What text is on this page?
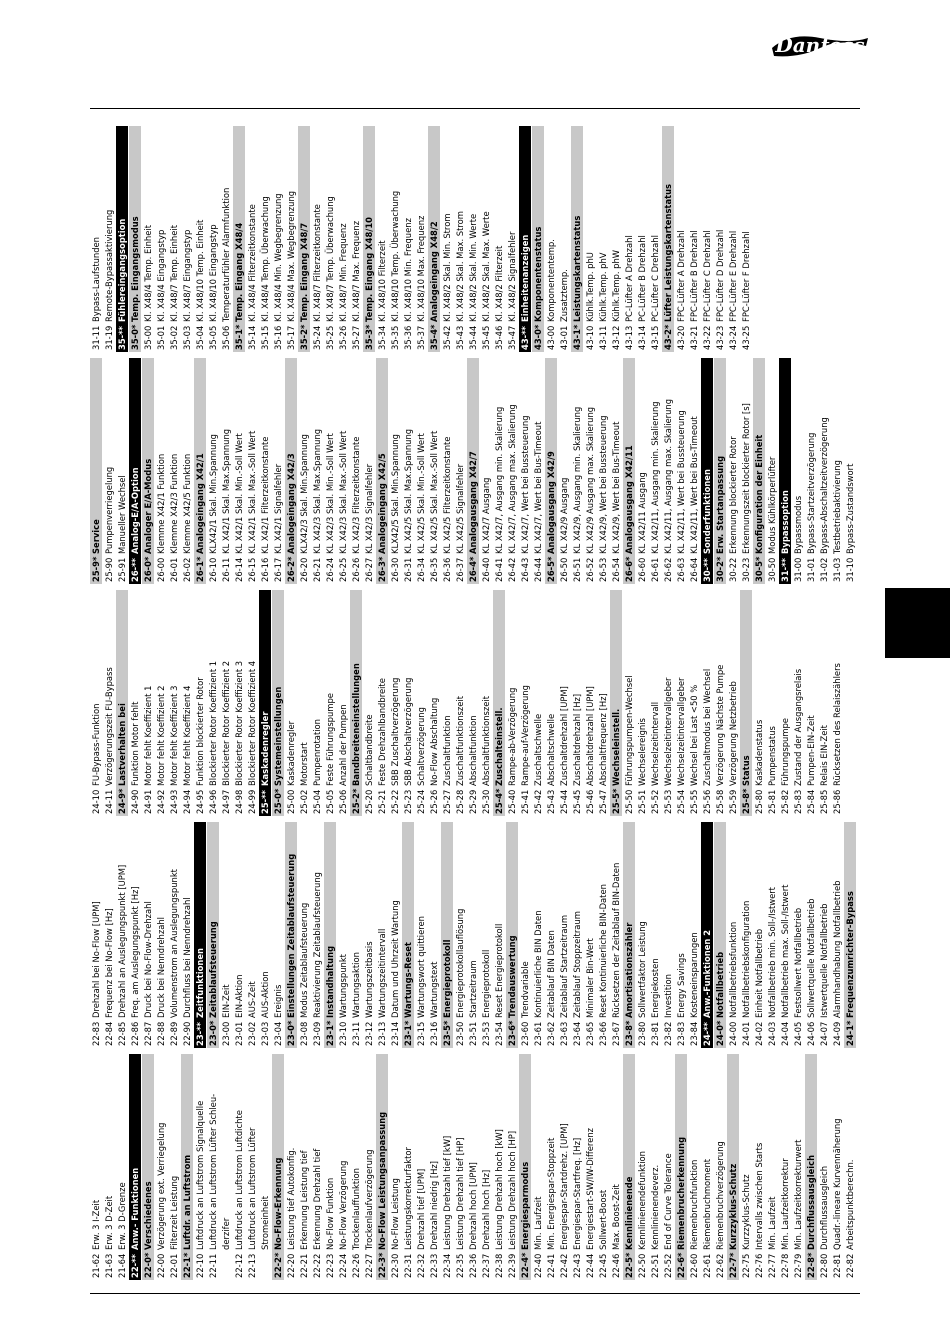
Danfoss
21-62
Erw. 3 I-Zeit
21-63
Erw. 3 D-Zeit
21-64
Erw. 3 D-Grenze
22-**
Anw.- Funktionen
22-0*
Verschiedenes
22-00
Verzögerung ext. Verriegelung
22-01
Filterzeit Leistung
22-1*
Luftdr. an Luftstrom
22-10
Luftdruck an Luftstrom Signalquelle
22-11
Luftdruck an Luftstrom Lüfter Schleu- derzifer
22-12
Luftdruck an Luftstrom Luftdichte
22-13
Luftdruck an Luftstrom Lüfter Stromeinheit
22-2*
No-Flow-Erkennung
22-20
Leistung tief Autokonfig.
22-21
Erkennung Leistung tief
22-22
Erkennung Drehzahl tief
22-23
No-Flow Funktion
22-24
No-Flow Verzögerung
22-26
Trockenlauffunktion
22-27
Trockenlaufverzögerung
22-3*
No-Flow Leistungsanpassung
22-30
No-Flow Leistung
22-31
Leistungskorrekturfaktor
22-32
Drehzahl tief [UPM]
22-33
Drehzahl niedrig [Hz]
22-34
Leistung Drehzahl tief [kW]
22-35
Leistung Drehzahl tief [HP]
22-36
Drehzahl hoch [UPM]
22-37
Drehzahl hoch [Hz]
22-38
Leistung Drehzahl hoch [kW]
22-39
Leistung Drehzahl hoch [HP]
22-4*
Energiesparmodus
22-40
Min. Laufzeit
22-41
Min. Energiespar-Stoppzeit
22-42
Energiespar-Startdrehz. [UPM]
22-43
Energiespar-Startfreq. [Hz]
22-44
Energiestart-SW/IW-Differenz
22-45
Sollwert-Boost
22-46
Max. Boost-Zeit
22-5*
Kennlinienende
22-50
Kennlinienendefunktion
22-51
Kennlinienendeverz.
22-52
End of Curve Tolerance
22-6*
Riemenbrucherkennung
22-60
Riemenbruchfunktion
22-61
Riemenbruchmoment
22-62
Riemenbruchverzögerung
22-7*
Kurzzyklus-Schutz
22-75
Kurzzyklus-Schutz
22-76
Intervalls zwischen Starts
22-77
Min. Laufzeit
22-78
Min. Laufzeitkorrektur
22-79
Min. Laufzeitkorrekturwert
22-8*
Durchflussausgleich
22-80
Durchflussausgleich
22-81
Quadr.-lineare Kurvennäherung
22-82
Arbeitspunktberechn.
22-83
Drehzahl bei No-Flow [UPM]
22-84
Frequenz bei No-Flow [Hz]
22-85
Drehzahl an Auslegungspunkt [UPM]
22-86
Freq. am Auslegungspunkt [Hz]
22-87
Druck bei No-Flow-Drehzahl
22-88
Druck bei Nenndrehzahl
22-89
Volumenstrom an Auslegungspunkt
22-90
Durchfluss bei Nenndrehzahl
23-**
Zeitfunktionen
23-0*
Zeitablaufsteuerung
23-00
EIN-Zeit
23-01
EIN-Aktion
23-02
AUS-Zeit
23-03
AUS-Aktion
23-04
Ereignis
23-0*
Einstellungen Zeitablaufsteuerung
23-08
Modus Zeitablaufsteuerung
23-09
Reaktivierung Zeitablaufsteuerung
23-1*
Instandhaltung
23-10
Wartungspunkt
23-11
Wartungsaktion
23-12
Wartungszeitbasis
23-13
Wartungszeitintervall
23-14
Datum und Uhrzeit Wartung
23-1*
Wartungs-Reset
23-15
Wartungswort quittieren
23-16
Wartungstext
23-5*
Energieprotokoll
23-50
Energieprotokollauflösung
23-51
Startzeitraum
23-53
Energieprotokoll
23-54
Reset Energieprotokoll
23-6*
Trendauswertung
23-60
Trendvariable
23-61
Kontinuierliche BIN Daten
23-62
Zeitablauf BIN Daten
23-63
Zeitablauf Startzeitraum
23-64
Zeitablauf Stoppzeitraum
23-65
Minimaler Bin-Wert
23-66
Reset Kontinuierliche BIN-Daten
23-67
Rücksetzen der Zeitablauf BIN-Daten
23-8*
Amortisationszähler
23-80
Sollwertfaktor Leistung
23-81
Energiekosten
23-82
Investition
23-83
Energy Savings
23-84
Kosteneinsparungen
24-**
Anw.-Funktionen 2
24-0*
Notfallbetrieb
24-00
Notfallbetriebsfunktion
24-01
Notfallbetriebskonfiguration
24-02
Einheit Notfallbetrieb
24-03
Notfallbetrieb min. Soll-/Istwert
24-04
Notfallbetrieb max. Soll-/Istwert
24-05
Festsollwert Notfallbetrieb
24-06
Sollwertquelle Notfallbetrieb
24-07
Istwertquelle Notfallbetrieb
24-09
Alarmhandhabung Notfallbetrieb
24-1*
Frequenzumrichter-Bypass
24-10
FU-Bypass-Funktion
24-11
Verzögerungszeit FU-Bypass
24-9*
Lastverhalten bei
24-90
Funktion Motor fehlt
24-91
Motor fehlt Koeffizient 1
24-92
Motor fehlt Koeffizient 2
24-93
Motor fehlt Koeffizient 3
24-94
Motor fehlt Koeffizient 4
24-95
Funktion blockierter Rotor
24-96
Blockierter Rotor Koeffizient 1
24-97
Blockierter Rotor Koeffizient 2
24-98
Blockierter Rotor Koeffizient 3
24-99
Blockierter Rotor Koeffizient 4
25-**
Kaskadenregler
25-0*
Systemeinstellungen
25-00
Kaskadenregler
25-02
Motorstart
25-04
Pumpenrotation
25-05
Feste Führungspumpe
25-06
Anzahl der Pumpen
25-2*
Bandbreiteneinstellungen
25-20
Schaltbandbreite
25-21
Feste Drehzahlbandbreite
25-22
SBB Zuschaltverzögerung
25-23
SBB Abschaltverzögerung
25-24
Schaltverzögerung
25-26
No-Flow Abschaltung
25-27
Zuschaltfunktion
25-28
Zuschaltfunktionszeit
25-29
Abschaltfunktion
25-30
Abschaltfunktionszeit
25-4*
Zuschalteinstell.
25-40
Rampe-ab-Verzögerung
25-41
Rampe-auf-Verzögerung
25-42
Zuschaltschwelle
25-43
Abschaltschwelle
25-44
Zuschaltdrehzahl [UPM]
25-45
Zuschaltdrehzahl [Hz]
25-46
Abschaltdrehzahl [UPM]
25-47
Abschaltfrequenz [Hz]
25-5*
Wechseleinstell.
25-50
Führungspumpen-Wechsel
25-51
Wechselereignis
25-52
Wechselzeitintervall
25-53
Wechselzeitintervallgeber
25-54
Wechselzeitintervallgeber
25-55
Wechsel bei Last <50 %
25-56
Zuschaltmodus bei Wechsel
25-58
Verzögerung Nächste Pumpe
25-59
Verzögerung Netzbetrieb
25-8*
Status
25-80
Kaskadenstatus
25-81
Pumpenstatus
25-82
Führungspumpe
25-83
Zustand der Ausgangsrelais
25-84
Pumpen-EIN-Zeit
25-85
Relais EIN-Zeit
25-86
Rücksetzen des Relaiszählers
25-9*
Service
25-90
Pumpenverriegelung
25-91
Manueller Wechsel
26-**
Analog-E/A-Option
26-0*
Analoger E/A-Modus
26-00
Klemme X42/1 Funktion
26-01
Klemme X42/3 Funktion
26-02
Klemme X42/5 Funktion
26-1*
Analogeingang X42/1
26-10
KLX42/1 Skal. Min.Spannung
26-11
KL X42/1 Skal. Max.Spannung
26-14
KL X42/1 Skal. Min.-Soll Wert
26-15
KL X42/1 Skal. Max.-Soll Wert
26-16
KL X42/1 Filterzeitkonstante
26-17
KL X42/1 Signalfehler
26-2*
Analogeingang X42/3
26-20
KLX42/3 Skal. Min.Spannung
26-21
KL X42/3 Skal. Max.Spannung
26-24
KL X42/3 Skal. Min.-Soll Wert
26-25
KL X42/3 Skal. Max.-Soll Wert
26-26
KL X42/3 Filterzeitkonstante
26-27
KL X42/3 Signalfehler
26-3*
Analogeingang X42/5
26-30
KLX42/5 Skal. Min.Spannung
26-31
KL X42/5 Skal. Max.Spannung
26-34
KL X42/5 Skal. Min.-Soll Wert
26-35
KL X42/5 Skal. Max.-Soll Wert
26-36
KL X42/5 Filterzeitkonstante
26-37
KL X42/5 Signalfehler
26-4*
Analogausgang X42/7
26-40
KL X42/7 Ausgang
26-41
KL X42/7, Ausgang min. Skalierung
26-42
KL X42/7, Ausgang max. Skalierung
26-43
KL X42/7, Wert bei Bussteuerung
26-44
KL X42/7, Wert bei Bus-Timeout
26-5*
Analogausgang X42/9
26-50
KL X42/9 Ausgang
26-51
KL X42/9, Ausgang min. Skalierung
26-52
KL X42/9 Ausgang max. Skalierung
26-53
KL X42/9, Wert bei Bussteuerung
26-54
KL X42/9, Wert bei Bus-Timeout
26-6*
Analogausgang X42/11
26-60
KL X42/11 Ausgang
26-61
KL X42/11, Ausgang min. Skalierung
26-62
KL X42/11, Ausgang max. Skalierung
26-63
KL X42/11, Wert bei Bussteuerung
26-64
KL X42/11, Wert bei Bus-Timeout
30-**
Sonderfunktionen
30-2*
Erw. Startanpassung
30-22
Erkennung blockierter Rotor
30-23
Erkennungszeit blockierter Rotor [s]
30-5*
Konfiguration der Einheit
30-50
Modus Kühlkörperlüfter
31-**
Bypassoption
31-00
Bypassmodus
31-01
Bypass-Startzeitverzögerung
31-02
Bypass-Abschaltzeitverzögerung
31-03
Testbetriebaktivierung
31-10
Bypass-Zustandswort
31-11
Bypass-Laufstunden
31-19
Remote-Bypassaktivierung
35-**
Fühlereingangsoption
35-0*
Temp. Eingangsmodus
35-00
Kl. X48/4 Temp. Einheit
35-01
Kl. X48/4 Eingangstyp
35-02
Kl. X48/7 Temp. Einheit
35-03
Kl. X48/7 Eingangstyp
35-04
Kl. X48/10 Temp. Einheit
35-05
Kl. X48/10 Eingangstyp
35-06
Temperaturfühler Alarmfunktion
35-1*
Temp. Eingang X48/4
35-14
Kl. X48/4 Filterzeitkonstante
35-15
Kl. X48/4 Temp. Überwachung
35-16
Kl. X48/4 Min. Wegbegrenzung
35-17
Kl. X48/4 Max. Wegbegrenzung
35-2*
Temp. Eingang X48/7
35-24
Kl. X48/7 Filterzeitkonstante
35-25
Kl. X48/7 Temp. Überwachung
35-26
Kl. X48/7 Min. Frequenz
35-27
Kl. X48/7 Max. Frequenz
35-3*
Temp. Eingang X48/10
35-34
Kl. X48/10 Filterzeit
35-35
Kl. X48/10 Temp. Überwachung
35-36
Kl. X48/10 Min. Frequenz
35-37
Kl. X48/10 Max. Frequenz
35-4*
Analogeingang X48/2
35-42
Kl. X48/2 Skal. Min. Strom
35-43
Kl. X48/2 Skal. Max. Strom
35-44
Kl. X48/2 Skal. Min. Werte
35-45
Kl. X48/2 Skal. Max. Werte
35-46
Kl. X48/2 Filterzeit
35-47
Kl. X48/2 Signalfehler
43-**
Einheitenanzeigen
43-0*
Komponentenstatus
43-00
Komponententemp.
43-01
Zusatztemp.
43-1*
Leistungskartenstatus
43-10
Kühlk.Temp. phU
43-11
Kühlk.Temp. phV
43-12
Kühlk.Temp. phW
43-13
PC-Lüfter A Drehzahl
43-14
PC-Lüfter B Drehzahl
43-15
PC-Lüfter C Drehzahl
43-2*
Lüfter Leistungskartenstatus
43-20
FPC-Lüfter A Drehzahl
43-21
FPC-Lüfter B Drehzahl
43-22
FPC-Lüfter C Drehzahl
43-23
FPC-Lüfter D Drehzahl
43-24
FPC-Lüfter E Drehzahl
43-25
FPC-Lüfter F Drehzahl
